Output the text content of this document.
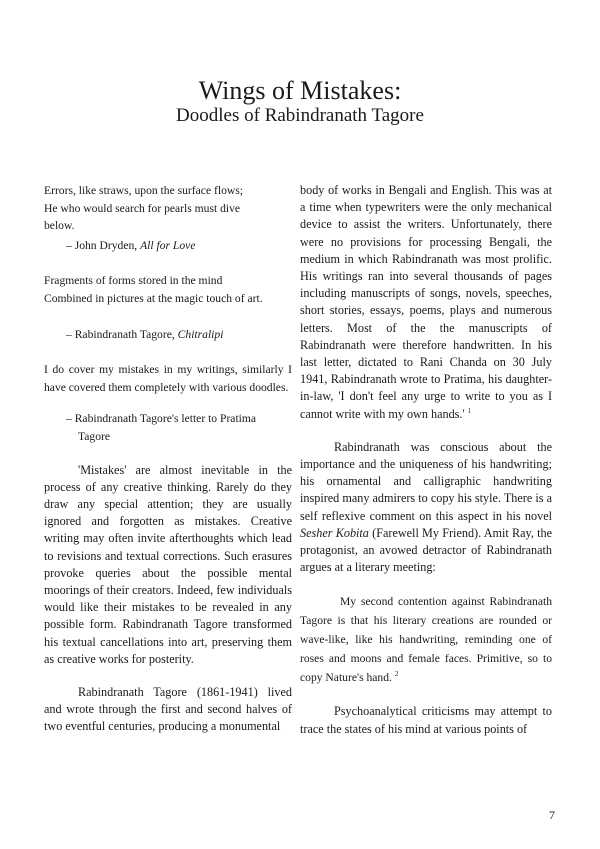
Wings of Mistakes:
Doodles of Rabindranath Tagore

Errors, like straws, upon the surface flows;

He who would search for pearls must dive

below.

– John Dryden, All for Love

Fragments of forms stored in the mind

Combined in pictures at the magic touch of art.

– Rabindranath Tagore, Chitralipi

I do cover my mistakes in my writings, similarly I have covered them completely with various doodles.

– Rabindranath Tagore's letter to Pratima
Tagore

'Mistakes' are almost inevitable in the process of any creative thinking. Rarely do they draw any special attention; they are usually ignored and forgotten as mistakes. Creative writing may often invite afterthoughts which lead to revisions and textual corrections. Such erasures provoke queries about the possible mental moorings of their creators. Indeed, few individuals would like their mistakes to be revealed in any possible form. Rabindranath Tagore transformed his textual cancellations into art, preserving them as creative works for posterity.

Rabindranath Tagore (1861-1941) lived and wrote through the first and second halves of two eventful centuries, producing a monumental

body of works in Bengali and English. This was at a time when typewriters were the only mechanical device to assist the writers. Unfortunately, there were no provisions for processing Bengali, the medium in which Rabindranath was most prolific. His writings ran into several thousands of pages including manuscripts of songs, novels, speeches, short stories, essays, poems, plays and numerous letters. Most of the the manuscripts of Rabindranath were therefore handwritten. In his last letter, dictated to Rani Chanda on 30 July 1941, Rabindranath wrote to Pratima, his daughter-in-law, 'I don't feel any urge to write to you as I cannot write with my own hands.' $^1$

Rabindranath was conscious about the importance and the uniqueness of his handwriting; his ornamental and calligraphic handwriting inspired many admirers to copy his style. There is a self reflexive comment on this aspect in his novel Sesher Kobita (Farewell My Friend). Amit Ray, the protagonist, an avowed detractor of Rabindranath argues at a literary meeting:

My second contention against Rabindranath Tagore is that his literary creations are rounded or wave-like, like his handwriting, reminding one of roses and moons and female faces. Primitive, so to copy Nature's hand. $^2$

Psychoanalytical criticisms may attempt to trace the states of his mind at various points of

7
